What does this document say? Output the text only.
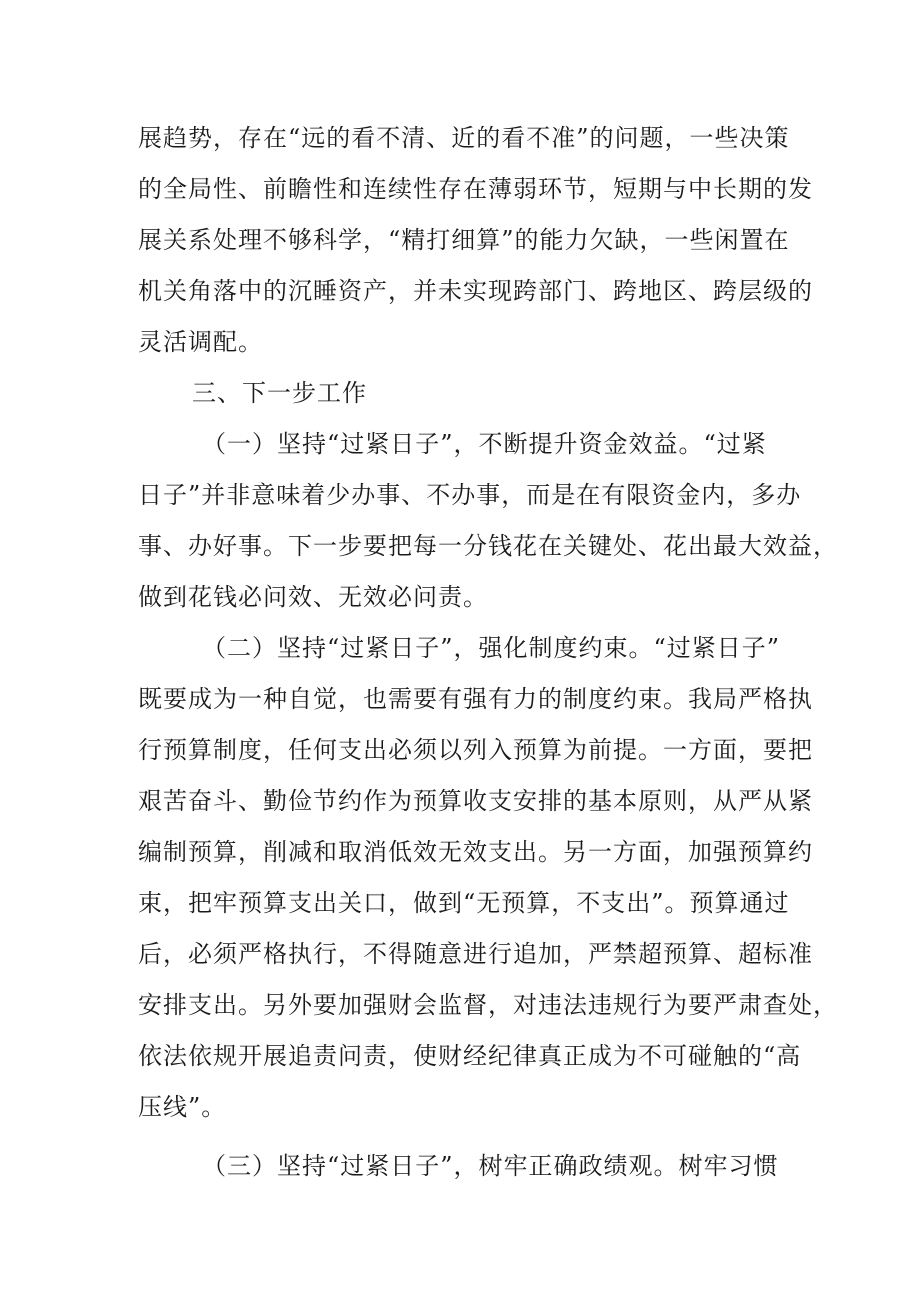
展趋势，存在“远的看不清、近的看不准”的问题，一些决策
的全局性、前瞻性和连续性存在薄弱环节，短期与中长期的发
展关系处理不够科学，“精打细算”的能力欠缺，一些闲置在
机关角落中的沉睡资产，并未实现跨部门、跨地区、跨层级的
灵活调配。
三、下一步工作
（一）坚持“过紧日子”，不断提升资金效益。“过紧
日子”并非意味着少办事、不办事，而是在有限资金内，多办
事、办好事。下一步要把每一分钱花在关键处、花出最大效益，
做到花钱必问效、无效必问责。
（二）坚持“过紧日子”，强化制度约束。“过紧日子”
既要成为一种自觉，也需要有强有力的制度约束。我局严格执
行预算制度，任何支出必须以列入预算为前提。一方面，要把
艰苦奋斗、勤俭节约作为预算收支安排的基本原则，从严从紧
编制预算，削减和取消低效无效支出。另一方面，加强预算约
束，把牢预算支出关口，做到“无预算，不支出”。预算通过
后，必须严格执行，不得随意进行追加，严禁超预算、超标准
安排支出。另外要加强财会监督，对违法违规行为要严肃查处，
依法依规开展追责问责，使财经纪律真正成为不可碰触的“高
压线”。
（三）坚持“过紧日子”，树牢正确政绩观。树牢习惯
